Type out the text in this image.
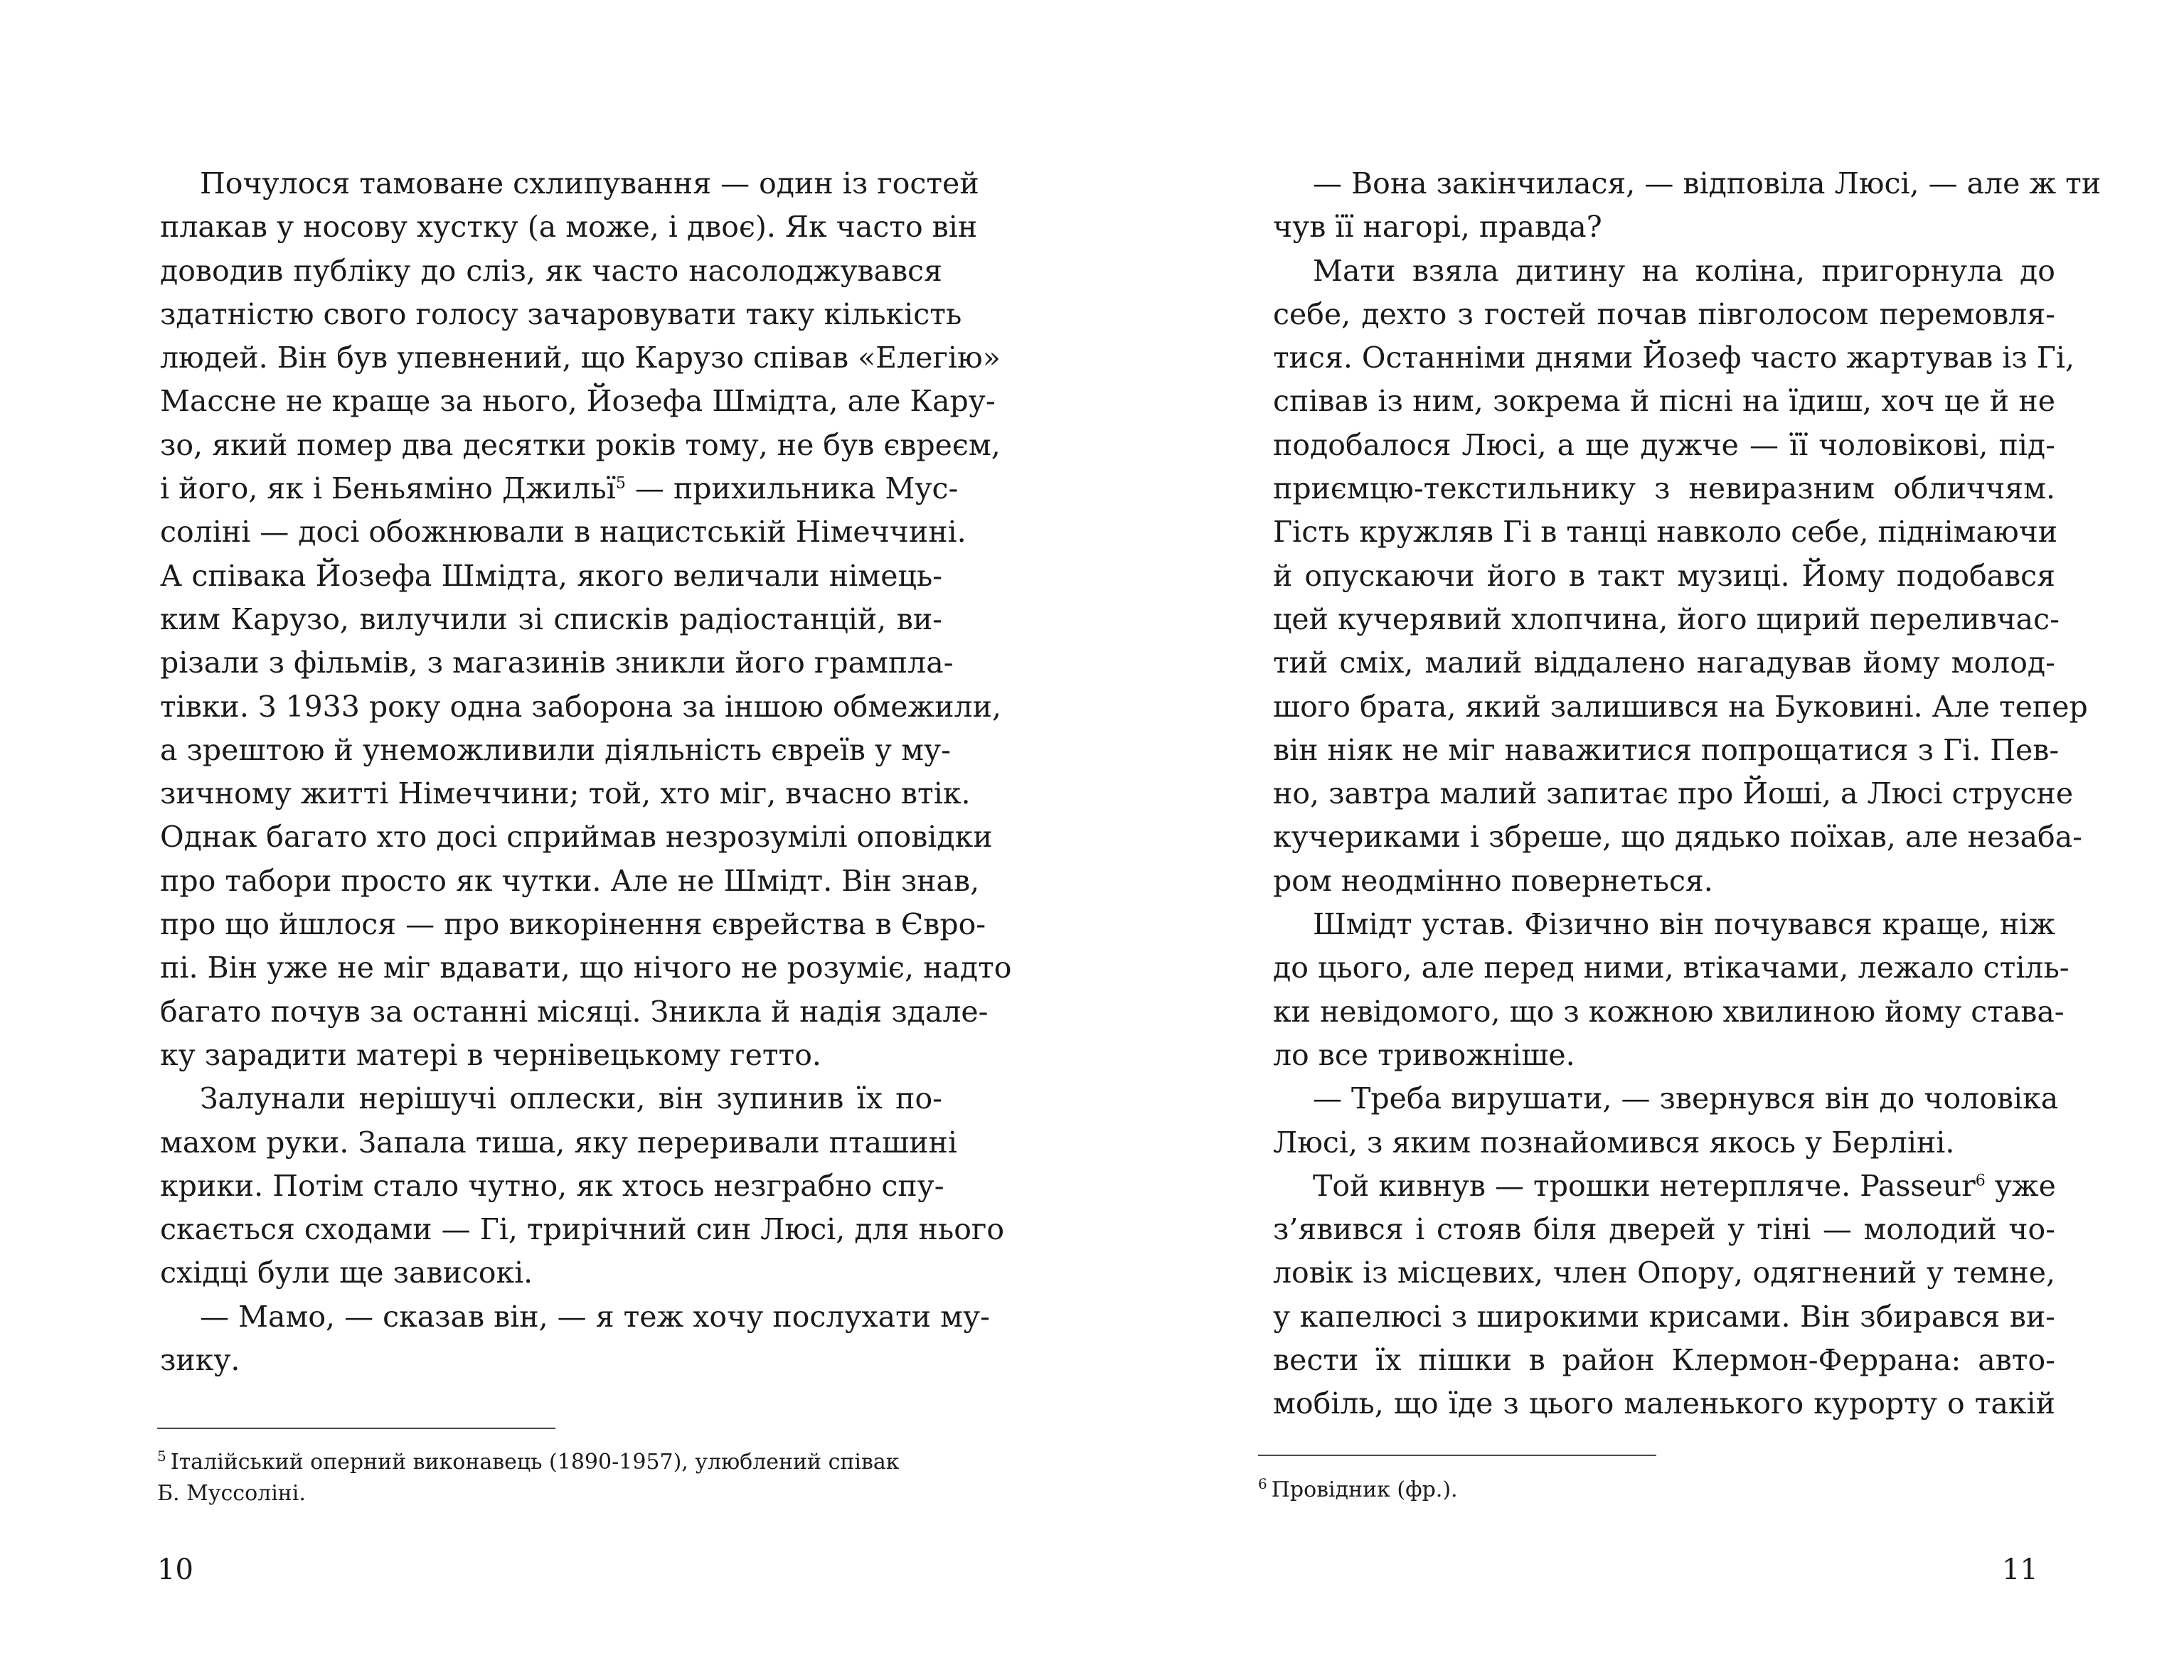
Почулося тамоване схлипування — один із гостей
плакав у носову хустку (а може, і двоє). Як часто він
доводив публіку до сліз, як часто насолоджувався
здатністю свого голосу зачаровувати таку кількість
людей. Він був упевнений, що Карузо співав «Елегію»
Массне не краще за нього, Йозефа Шмідта, але Кару-
зо, який помер два десятки років тому, не був євреєм,
і його, як і Беньяміно Джильї$^5$ — прихильника Мус-
соліні — досі обожнювали в нацистській Німеччині.
А співака Йозефа Шмідта, якого величали німець-
ким Карузо, вилучили зі списків радіостанцій, ви-
різали з фільмів, з магазинів зникли його грампла-
тівки. З 1933 року одна заборона за іншою обмежили,
а зрештою й унеможливили діяльність євреїв у му-
зичному житті Німеччини; той, хто міг, вчасно втік.
Однак багато хто досі сприймав незрозумілі оповідки
про табори просто як чутки. Але не Шмідт. Він знав,
про що йшлося — про викорінення єврейства в Євро-
пі. Він уже не міг вдавати, що нічого не розуміє, надто
багато почув за останні місяці. Зникла й надія здале-
ку зарадити матері в чернівецькому гетто.
Залунали нерішучі оплески, він зупинив їх по-
махом руки. Запала тиша, яку переривали пташині
крики. Потім стало чутно, як хтось незграбно спу-
скається сходами — Гі, трирічний син Люсі, для нього
східці були ще зависокі.
— Мамо, — сказав він, — я теж хочу послухати му-
зику.
$^5$ Італійський оперний виконавець (1890-1957), улюблений співак
Б. Муссоліні.
10
— Вона закінчилася, — відповіла Люсі, — але ж ти
чув її нагорі, правда?
Мати взяла дитину на коліна, пригорнула до
себе, дехто з гостей почав півголосом перемовля-
тися. Останніми днями Йозеф часто жартував із Гі,
співав із ним, зокрема й пісні на їдиш, хоч це й не
подобалося Люсі, а ще дужче — її чоловікові, під-
приємцю-текстильнику з невиразним обличчям.
Гість кружляв Гі в танці навколо себе, піднімаючи
й опускаючи його в такт музиці. Йому подобався
цей кучерявий хлопчина, його щирий переливчас-
тий сміх, малий віддалено нагадував йому молод-
шого брата, який залишився на Буковині. Але тепер
він ніяк не міг наважитися попрощатися з Гі. Пев-
но, завтра малий запитає про Йоші, а Люсі струсне
кучериками і збреше, що дядько поїхав, але незаба-
ром неодмінно повернеться.
Шмідт устав. Фізично він почувався краще, ніж
до цього, але перед ними, втікачами, лежало стіль-
ки невідомого, що з кожною хвилиною йому става-
ло все тривожніше.
— Треба вирушати, — звернувся він до чоловіка
Люсі, з яким познайомився якось у Берліні.
Той кивнув — трошки нетерпляче. Passeur$^6$ уже
з’явився і стояв біля дверей у тіні — молодий чо-
ловік із місцевих, член Опору, одягнений у темне,
у капелюсі з широкими крисами. Він збирався ви-
вести їх пішки в район Клермон-Феррана: авто-
мобіль, що їде з цього маленького курорту о такій
$^6$ Провідник (фр.).
11
